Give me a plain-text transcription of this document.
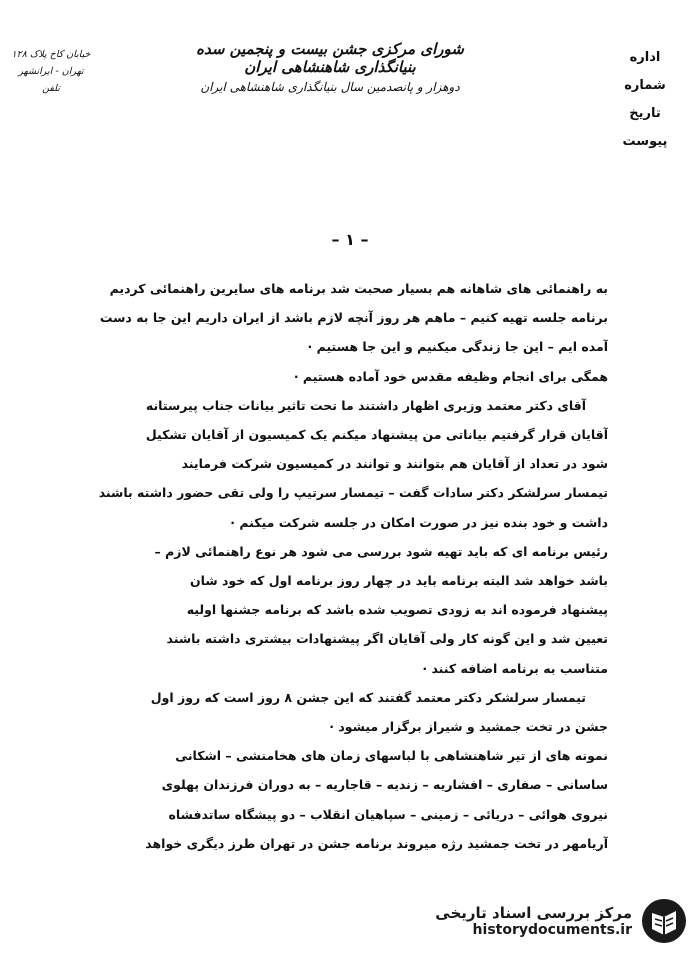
خیابان کاخ پلاک ۱۲۸
تهران - ایرانشهر
تلفن
شورای مرکزی جشن بیست و پنجمین سده بنیانگذاری شاهنشاهی ایران
دوهزار و پانصدمین سال بنیانگذاری شاهنشاهی ایران
اداره
شماره
تاریخ
پیوست
– ۱ –
به راهنمائی های شاهانه هم بسیار صحبت شد برنامه های سایرین راهنمائی کردیم
برنامه جلسه تهیه کنیم – ماهم هر روز آنچه لازم باشد از ایران داریم این جا به دست
آمده ایم – این جا زندگی میکنیم و این جا هستیم ·
همگی برای انجام وظیفه مقدس خود آماده هستیم ·
آقای دکتر معتمد وزیری اظهار داشتند ما تحت تاثیر بیانات جناب پیرستانه
آقایان قرار گرفتیم بیاناتی من پیشنهاد میکنم یک کمیسیون از آقایان تشکیل
شود در تعداد از آقایان هم بتوانند و توانند در کمیسیون شرکت فرمایند
تیمسار سرلشکر دکتر سادات گفت – تیمسار سرتیپ را ولی تقی حضور داشته باشند
داشت و خود بنده نیز در صورت امکان در جلسه شرکت میکنم ·
رئیس برنامه ای که باید تهیه شود بررسی می شود هر نوع راهنمائی لازم –
باشد خواهد شد البته برنامه باید در چهار روز برنامه اول که خود شان
پیشنهاد فرموده اند به زودی تصویب شده باشد که برنامه جشنها اولیه
تعیین شد و این گونه کار ولی آقایان اگر پیشنهادات بیشتری داشته باشند
متناسب به برنامه اضافه کنند ·
تیمسار سرلشکر دکتر معتمد گفتند که این جشن ۸ روز است که روز اول
جشن در تخت جمشید و شیراز برگزار میشود ·
نمونه های از تیر شاهنشاهی با لباسهای زمان های هخامنشی – اشکانی
ساسانی – صفاری – افشاریه – زندیه – قاجاریه – به دوران فرزندان پهلوی
نیروی هوائی – دریائی – زمینی – سپاهیان انقلاب – دو پیشگاه ساتدفشاه
آریامهر در تخت جمشید رژه میروند برنامه جشن در تهران طرز دیگری خواهد
مرکز بررسی اسناد تاریخی
historydocuments.ir
